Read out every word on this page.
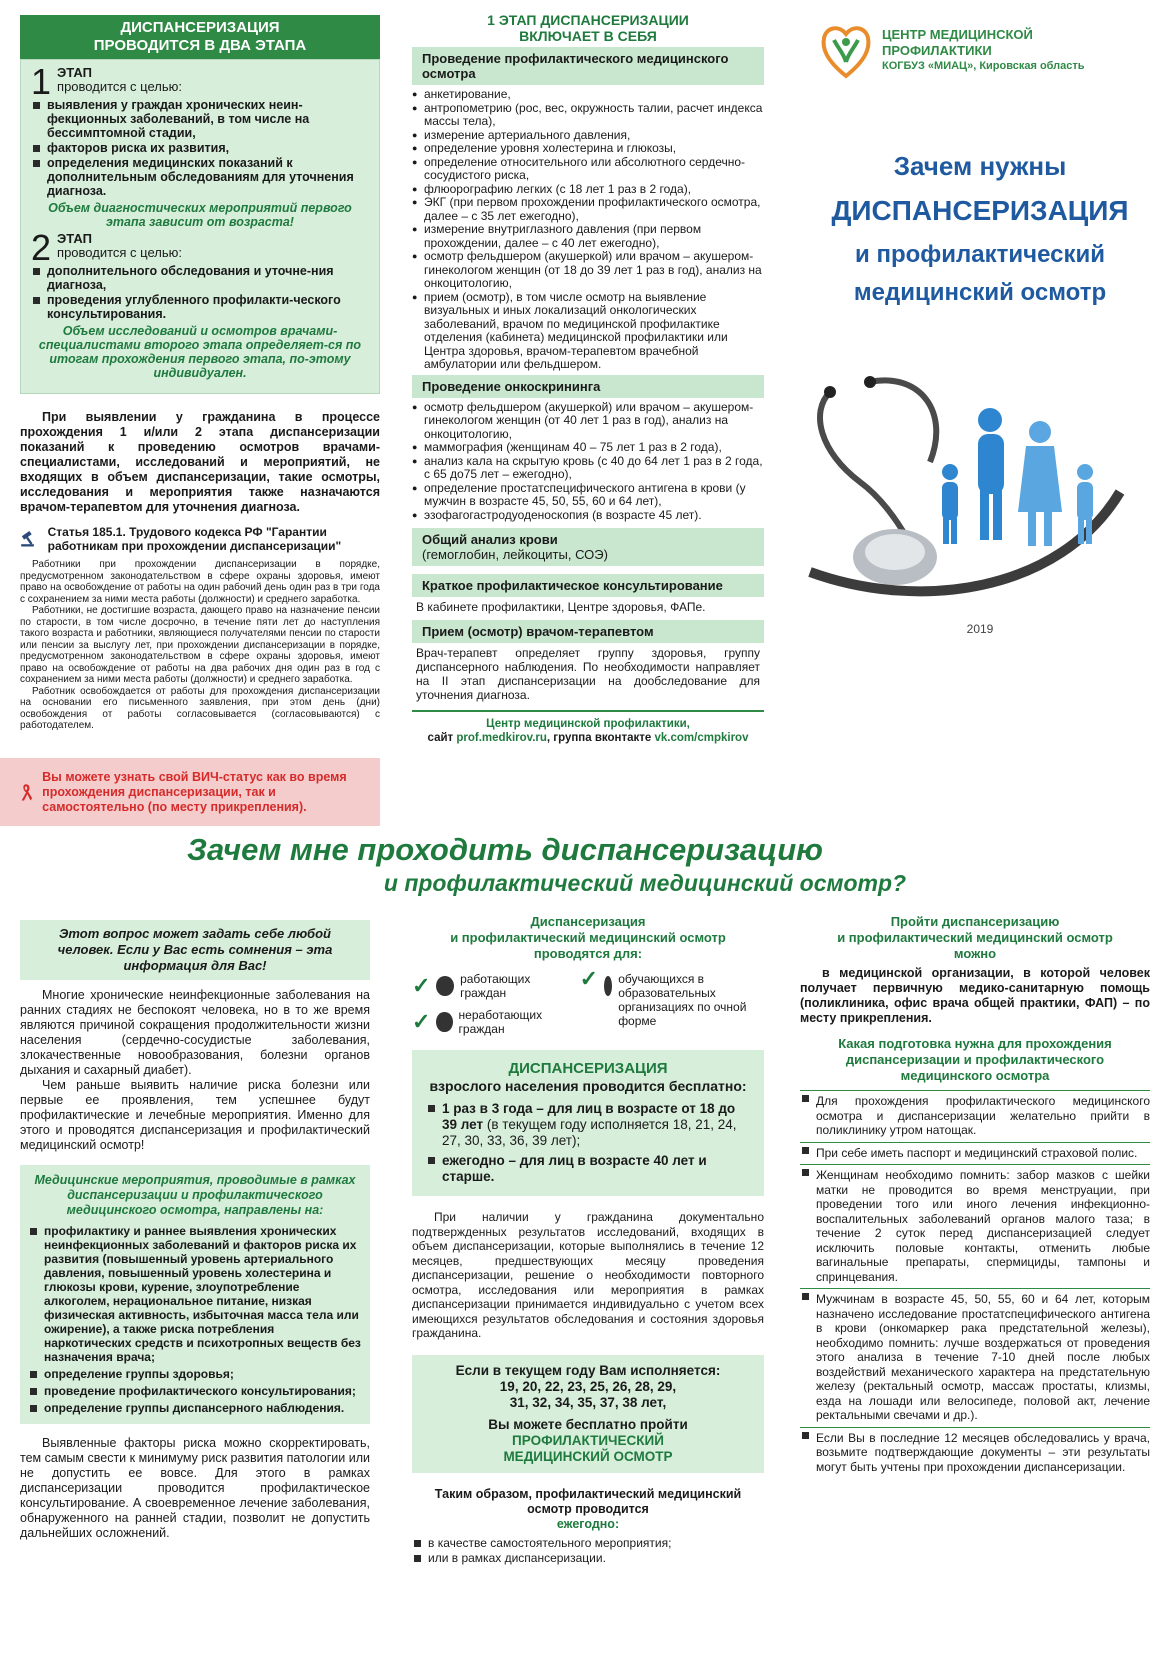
ДИСПАНСЕРИЗАЦИЯ
ПРОВОДИТСЯ В ДВА ЭТАПА
1 ЭТАП
проводится с целью:
выявления у граждан хронических неин-фекционных заболеваний, в том числе на бессимптомной стадии,
факторов риска их развития,
определения медицинских показаний к дополнительным обследованиям для уточнения диагноза.
Объем диагностических мероприятий первого этапа зависит от возраста!
2 ЭТАП
проводится с целью:
дополнительного обследования и уточне-ния диагноза,
проведения углубленного профилакти-ческого консультирования.
Объем исследований и осмотров врачами-специалистами второго этапа определяет-ся по итогам прохождения первого этапа, по-этому индивидуален.
При выявлении у гражданина в процессе прохождения 1 и/или 2 этапа диспансеризации показаний к проведению осмотров врачами-специалистами, исследований и мероприятий, не входящих в объем диспансеризации, такие осмотры, исследования и мероприятия также назначаются врачом-терапевтом для уточнения диагноза.
Статья 185.1. Трудового кодекса РФ "Гарантии работникам при прохождении диспансеризации"

Работники при прохождении диспансеризации в порядке, предусмотренном законодательством в сфере охраны здоровья, имеют право на освобождение от работы на один рабочий день один раз в три года с сохранением за ними места работы (должности) и среднего заработка.

Работники, не достигшие возраста, дающего право на назначение пенсии по старости, в том числе досрочно, в течение пяти лет до наступления такого возраста и работники, являющиеся получателями пенсии по старости или пенсии за выслугу лет, при прохождении диспансеризации в порядке, предусмотренном законодательством в сфере охраны здоровья, имеют право на освобождение от работы на два рабочих дня один раз в год с сохранением за ними места работы (должности) и среднего заработка.

Работник освобождается от работы для прохождения диспансеризации на основании его письменного заявления, при этом день (дни) освобождения от работы согласовывается (согласовываются) с работодателем.

Вы можете узнать свой ВИЧ-статус как во время прохождения диспансеризации, так и самостоятельно (по месту прикрепления).
1 ЭТАП ДИСПАНСЕРИЗАЦИИ
ВКЛЮЧАЕТ В СЕБЯ
Проведение профилактического медицинского осмотра
● анкетирование,
● антропометрию (рос, вес, окружность талии, расчет индекса массы тела),
● измерение артериального давления,
● определение уровня холестерина и глюкозы,
● определение относительного или абсолютного сердечно-сосудистого риска,
● флюорографию легких (с 18 лет 1 раз в 2 года),
● ЭКГ (при первом прохождении профилактического осмотра, далее – с 35 лет ежегодно),
● измерение внутриглазного давления (при первом прохождении, далее – с 40 лет ежегодно),
● осмотр фельдшером (акушеркой) или врачом – акушером-гинекологом женщин (от 18 до 39 лет 1 раз в год), анализ на онкоцитологию,
● прием (осмотр), в том числе осмотр на выявление визуальных и иных локализаций онкологических заболеваний, врачом по медицинской профилактике отделения (кабинета) медицинской профилактики или Центра здоровья, врачом-терапевтом врачебной амбулатории или фельдшером.
Проведение онкоскрининга
● осмотр фельдшером (акушеркой) или врачом – акушером-гинекологом женщин (от 40 лет 1 раз в год), анализ на онкоцитологию,
● маммография (женщинам 40 – 75 лет 1 раз в 2 года),
● анализ кала на скрытую кровь (с 40 до 64 лет 1 раз в 2 года, с 65 до75 лет – ежегодно),
● определение простатспецифического антигена в крови (у мужчин в возрасте 45, 50, 55, 60 и 64 лет),
● эзофагогастродуоденоскопия (в возрасте 45 лет).
Общий анализ крови
(гемоглобин, лейкоциты, СОЭ)
Краткое профилактическое консультирование
В кабинете профилактики, Центре здоровья, ФАПе.
Прием (осмотр) врачом-терапевтом
Врач-терапевт определяет группу здоровья, группу диспансерного наблюдения. По необходимости направляет на II этап диспансеризации на дообследование для уточнения диагноза.
Центр медицинской профилактики,
сайт prof.medkirov.ru, группа вконтакте vk.com/cmpkirov
ЦЕНТР МЕДИЦИНСКОЙ
ПРОФИЛАКТИКИ
КОГБУЗ «МИАЦ», Кировская область
Зачем нужны
ДИСПАНСЕРИЗАЦИЯ
и профилактический
медицинский осмотр
2019
Зачем мне проходить диспансеризацию
и профилактический медицинский осмотр?
Этот вопрос может задать себе любой человек. Если у Вас есть сомнения – эта информация для Вас!
Многие хронические неинфекционные заболевания на ранних стадиях не беспокоят человека, но в то же время являются причиной сокращения продолжительности жизни населения (сердечно-сосудистые заболевания, злокачественные новообразования, болезни органов дыхания и сахарный диабет).
Чем раньше выявить наличие риска болезни или первые ее проявления, тем успешнее будут профилактические и лечебные мероприятия. Именно для этого и проводятся диспансеризация и профилактический медицинский осмотр!
Медицинские мероприятия, проводимые в рамках диспансеризации и профилактического медицинского осмотра, направлены на:
профилактику и раннее выявления хронических неинфекционных заболеваний и факторов риска их развития (повышенный уровень артериального давления, повышенный уровень холестерина и глюкозы крови, курение, злоупотребление алкоголем, нерациональное питание, низкая физическая активность, избыточная масса тела или ожирение), а также риска потребления наркотических средств и психотропных веществ без назначения врача;
определение группы здоровья;
проведение профилактического консультирования;
определение группы диспансерного наблюдения.
Выявленные факторы риска можно скорректировать, тем самым свести к минимуму риск развития патологии или не допустить ее вовсе. Для этого в рамках диспансеризации проводится профилактическое консультирование. А своевременное лечение заболевания, обнаруженного на ранней стадии, позволит не допустить дальнейших осложнений.
Диспансеризация
и профилактический медицинский осмотр
проводятся для:
✓ работающих граждан
✓ неработающих граждан
✓ обучающихся в образовательных организациях по очной форме
ДИСПАНСЕРИЗАЦИЯ
взрослого населения проводится бесплатно:
1 раз в 3 года – для лиц в возрасте от 18 до 39 лет (в текущем году исполняется 18, 21, 24, 27, 30, 33, 36, 39 лет);
ежегодно – для лиц в возрасте 40 лет и старше.
При наличии у гражданина документально подтвержденных результатов исследований, входящих в объем диспансеризации, которые выполнялись в течение 12 месяцев, предшествующих месяцу проведения диспансеризации, решение о необходимости повторного осмотра, исследования или мероприятия в рамках диспансеризации принимается индивидуально с учетом всех имеющихся результатов обследования и состояния здоровья гражданина.
Если в текущем году Вам исполняется:
19, 20, 22, 23, 25, 26, 28, 29,
31, 32, 34, 35, 37, 38 лет,
Вы можете бесплатно пройти
ПРОФИЛАКТИЧЕСКИЙ
МЕДИЦИНСКИЙ ОСМОТР
Таким образом, профилактический медицинский осмотр проводится
ежегодно:
в качестве самостоятельного мероприятия;
или в рамках диспансеризации.
Пройти диспансеризацию
и профилактический медицинский осмотр
можно
в медицинской организации, в которой человек получает первичную медико-санитарную помощь (поликлиника, офис врача общей практики, ФАП) – по месту прикрепления.
Какая подготовка нужна для прохождения диспансеризации и профилактического медицинского осмотра
Для прохождения профилактического медицинского осмотра и диспансеризации желательно прийти в поликлинику утром натощак.
При себе иметь паспорт и медицинский страховой полис.
Женщинам необходимо помнить: забор мазков с шейки матки не проводится во время менструации, при проведении того или иного лечения инфекционно-воспалительных заболеваний органов малого таза; в течение 2 суток перед диспансеризацией следует исключить половые контакты, отменить любые вагинальные препараты, спермициды, тампоны и спринцевания.
Мужчинам в возрасте 45, 50, 55, 60 и 64 лет, которым назначено исследование простатспецифического антигена в крови (онкомаркер рака предстательной железы), необходимо помнить: лучше воздержаться от проведения этого анализа в течение 7-10 дней после любых воздействий механического характера на предстательную железу (ректальный осмотр, массаж простаты, клизмы, езда на лошади или велосипеде, половой акт, лечение ректальными свечами и др.).
Если Вы в последние 12 месяцев обследовались у врача, возьмите подтверждающие документы – эти результаты могут быть учтены при прохождении диспансеризации.
